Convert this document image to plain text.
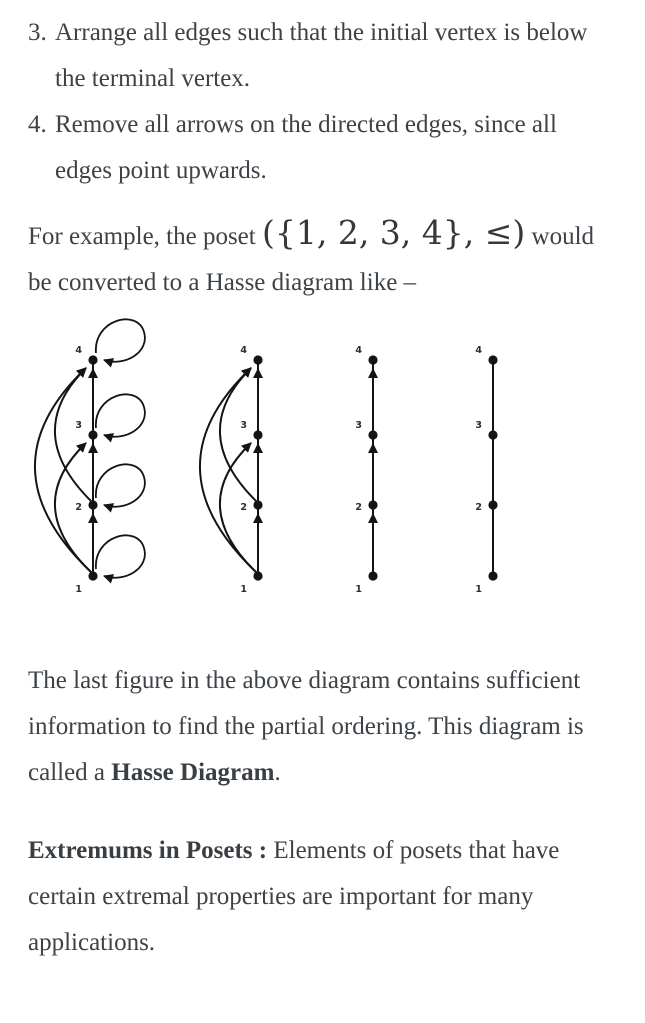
3. Arrange all edges such that the initial vertex is below the terminal vertex.
4. Remove all arrows on the directed edges, since all edges point upwards.

For example, the poset ({1, 2, 3, 4}, ≤) would be converted to a Hasse diagram like –

4
3
2
1
4
3
2
1
4
3
2
1
4
3
2
1

The last figure in the above diagram contains sufficient information to find the partial ordering. This diagram is called a Hasse Diagram.

Extremums in Posets : Elements of posets that have certain extremal properties are important for many applications.
